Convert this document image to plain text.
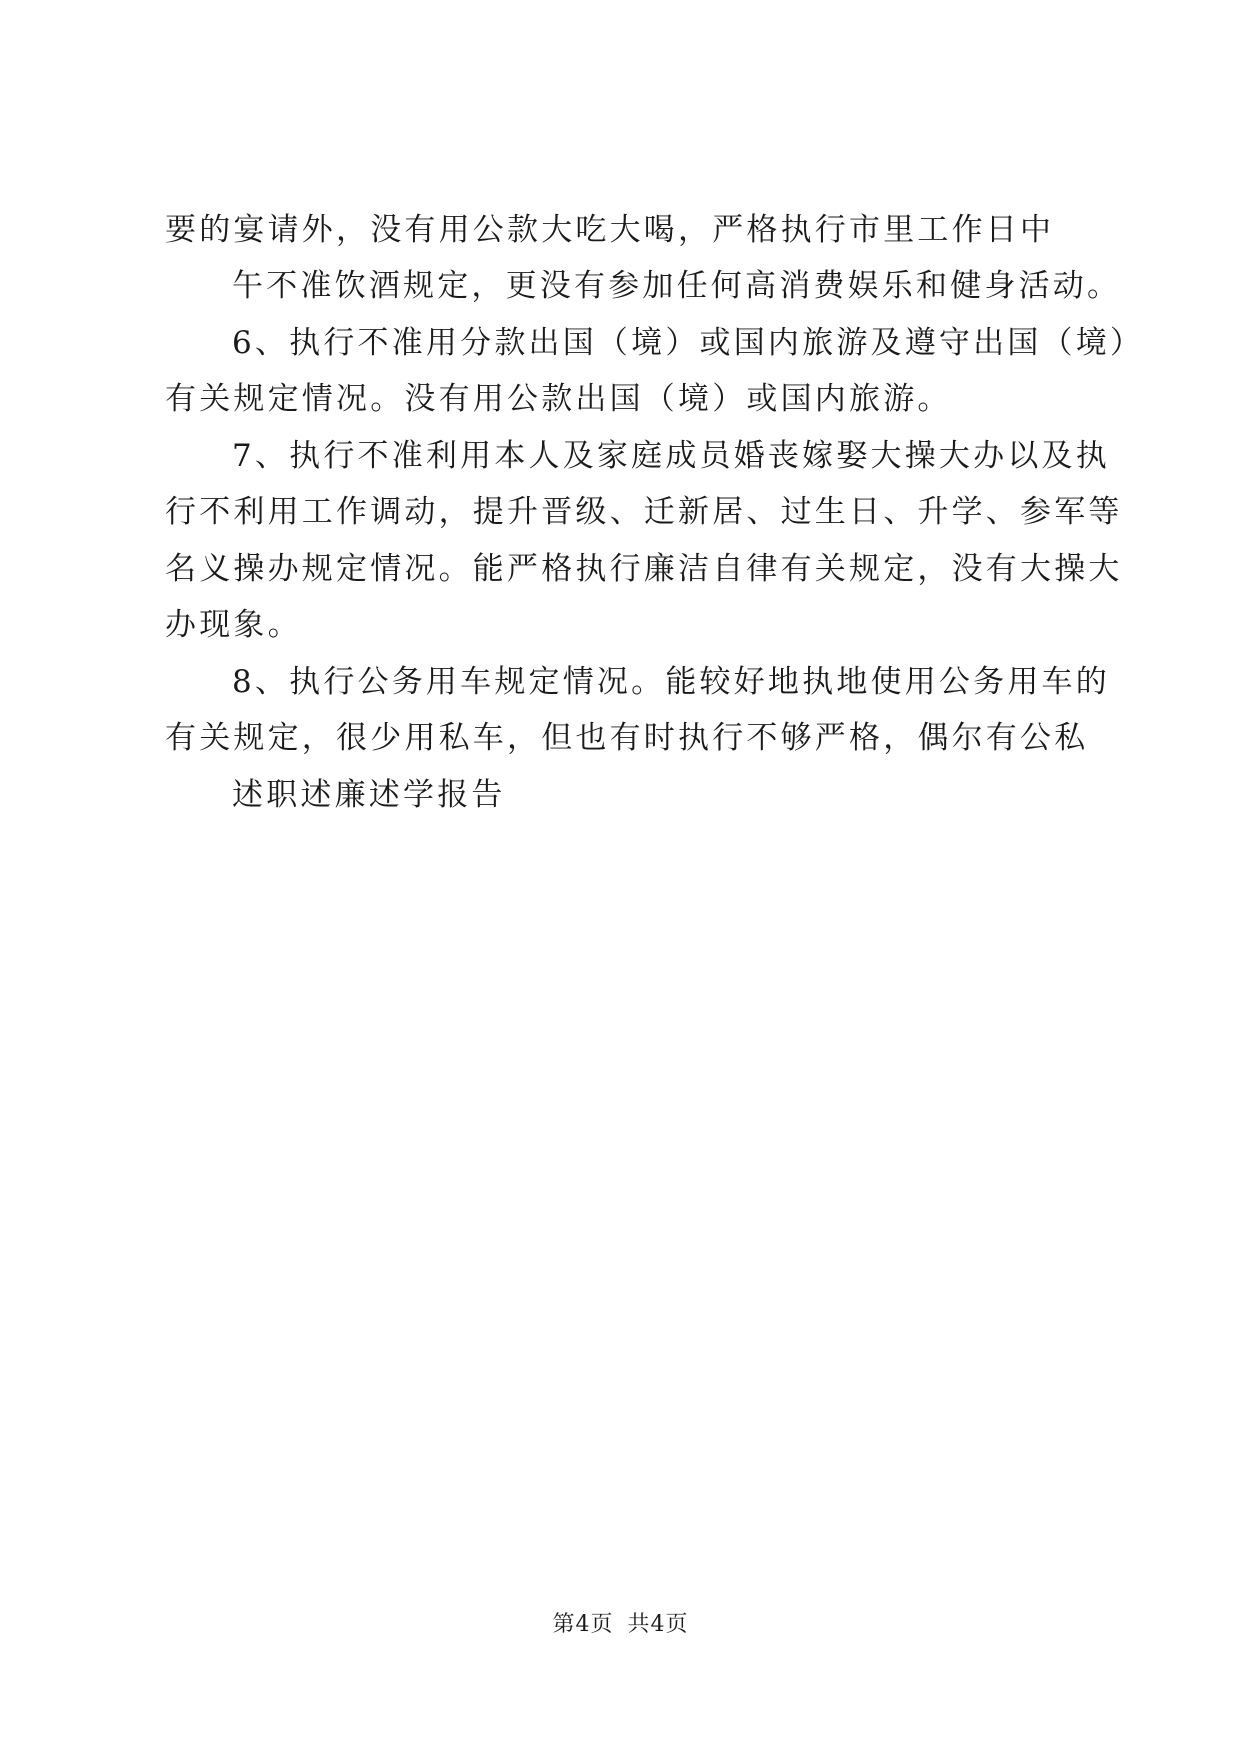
要的宴请外，没有用公款大吃大喝，严格执行市里工作日中
午不准饮酒规定，更没有参加任何高消费娱乐和健身活动。
6、执行不准用分款出国（境）或国内旅游及遵守出国（境）
有关规定情况。没有用公款出国（境）或国内旅游。
7、执行不准利用本人及家庭成员婚丧嫁娶大操大办以及执
行不利用工作调动，提升晋级、迁新居、过生日、升学、参军等
名义操办规定情况。能严格执行廉洁自律有关规定，没有大操大
办现象。
8、执行公务用车规定情况。能较好地执地使用公务用车的
有关规定，很少用私车，但也有时执行不够严格，偶尔有公私
述职述廉述学报告
第4页 共4页
